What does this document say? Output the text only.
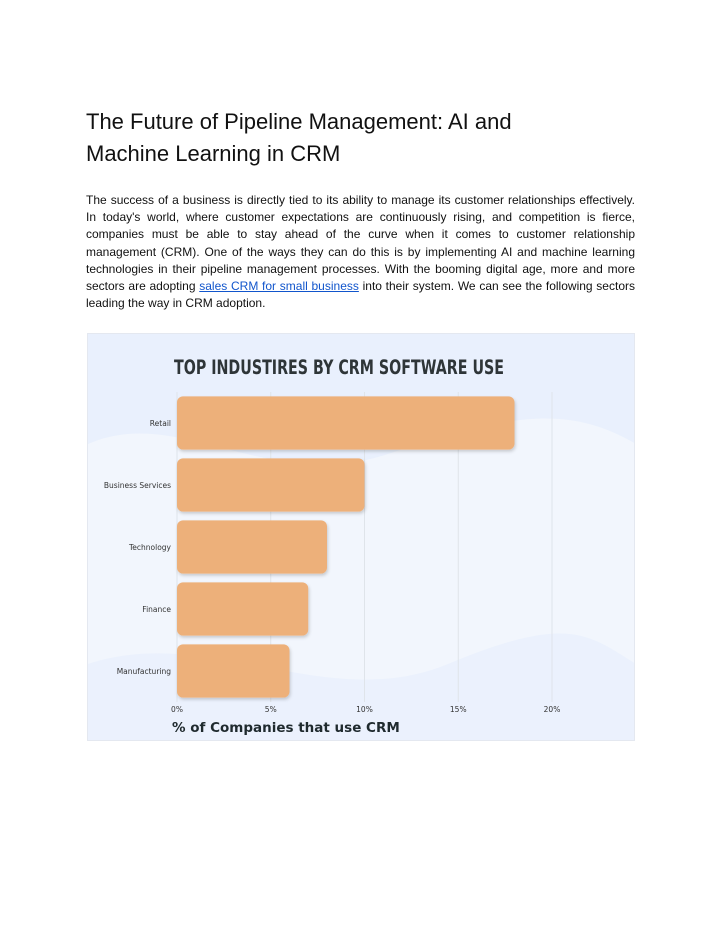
The Future of Pipeline Management: AI and
Machine Learning in CRM

The success of a business is directly tied to its ability to manage its customer relationships effectively. In today's world, where customer expectations are continuously rising, and competition is fierce, companies must be able to stay ahead of the curve when it comes to customer relationship management (CRM). One of the ways they can do this is by implementing AI and machine learning technologies in their pipeline management processes. With the booming digital age, more and more sectors are adopting sales CRM for small business into their system. We can see the following sectors leading the way in CRM adoption.

TOP INDUSTIRES BY CRM SOFTWARE USE
Retail
Business Services
Technology
Finance
Manufacturing
0%	5%	10%	15%	20%
% of Companies that use CRM
